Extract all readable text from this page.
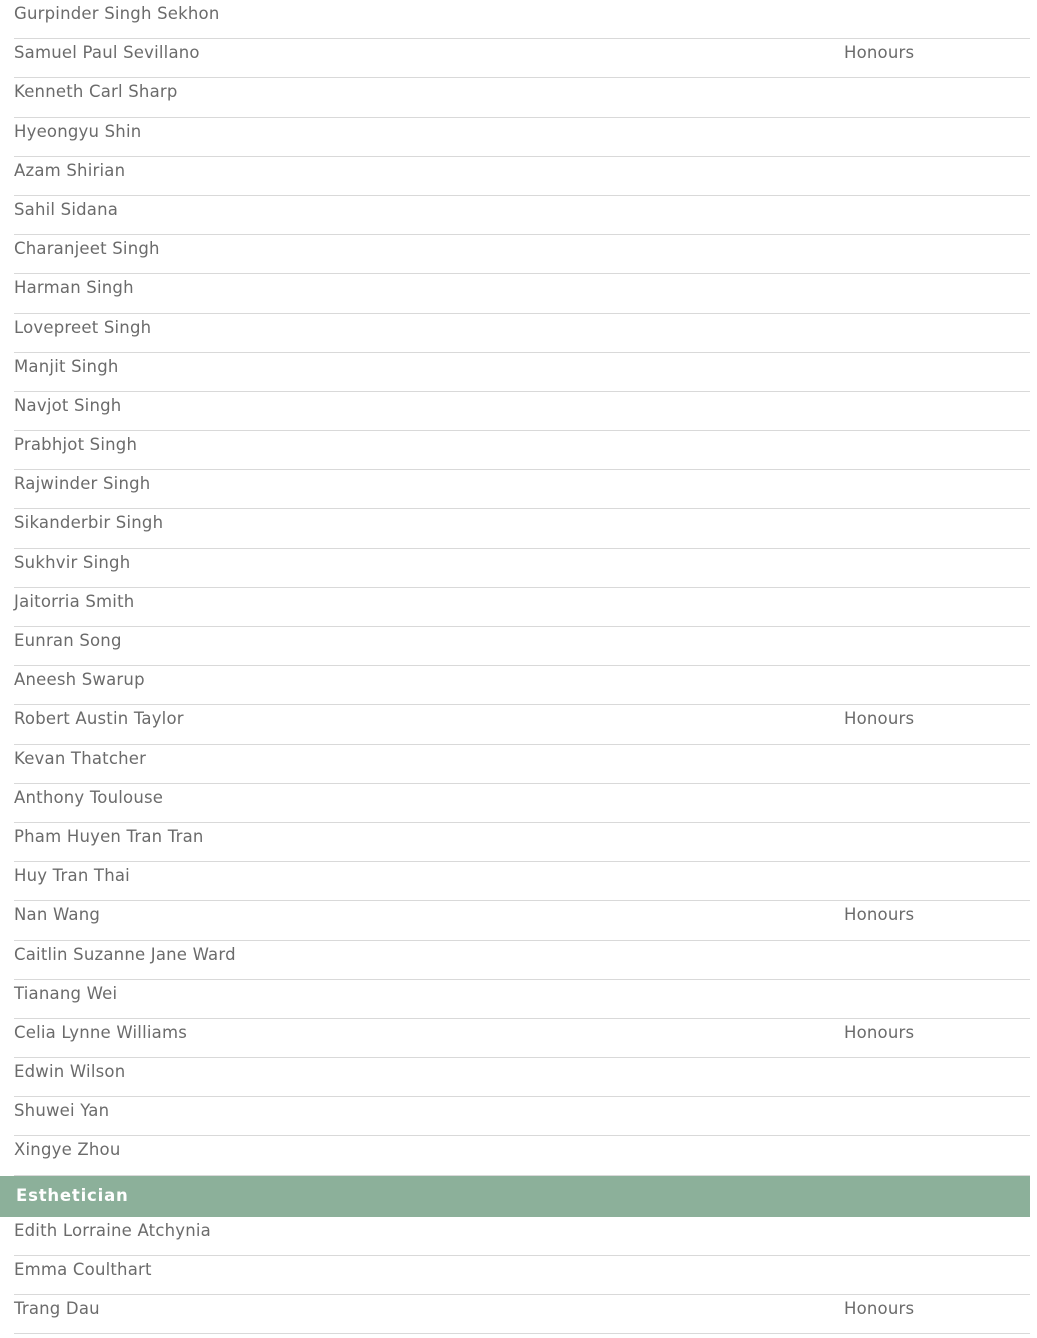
Gurpinder Singh Sekhon
Samuel Paul Sevillano	Honours
Kenneth Carl Sharp
Hyeongyu Shin
Azam Shirian
Sahil Sidana
Charanjeet Singh
Harman Singh
Lovepreet Singh
Manjit Singh
Navjot Singh
Prabhjot Singh
Rajwinder Singh
Sikanderbir Singh
Sukhvir Singh
Jaitorria Smith
Eunran Song
Aneesh Swarup
Robert Austin Taylor	Honours
Kevan Thatcher
Anthony Toulouse
Pham Huyen Tran Tran
Huy Tran Thai
Nan Wang	Honours
Caitlin Suzanne Jane Ward
Tianang Wei
Celia Lynne Williams	Honours
Edwin Wilson
Shuwei Yan
Xingye Zhou
Esthetician
Edith Lorraine Atchynia
Emma Coulthart
Trang Dau	Honours
